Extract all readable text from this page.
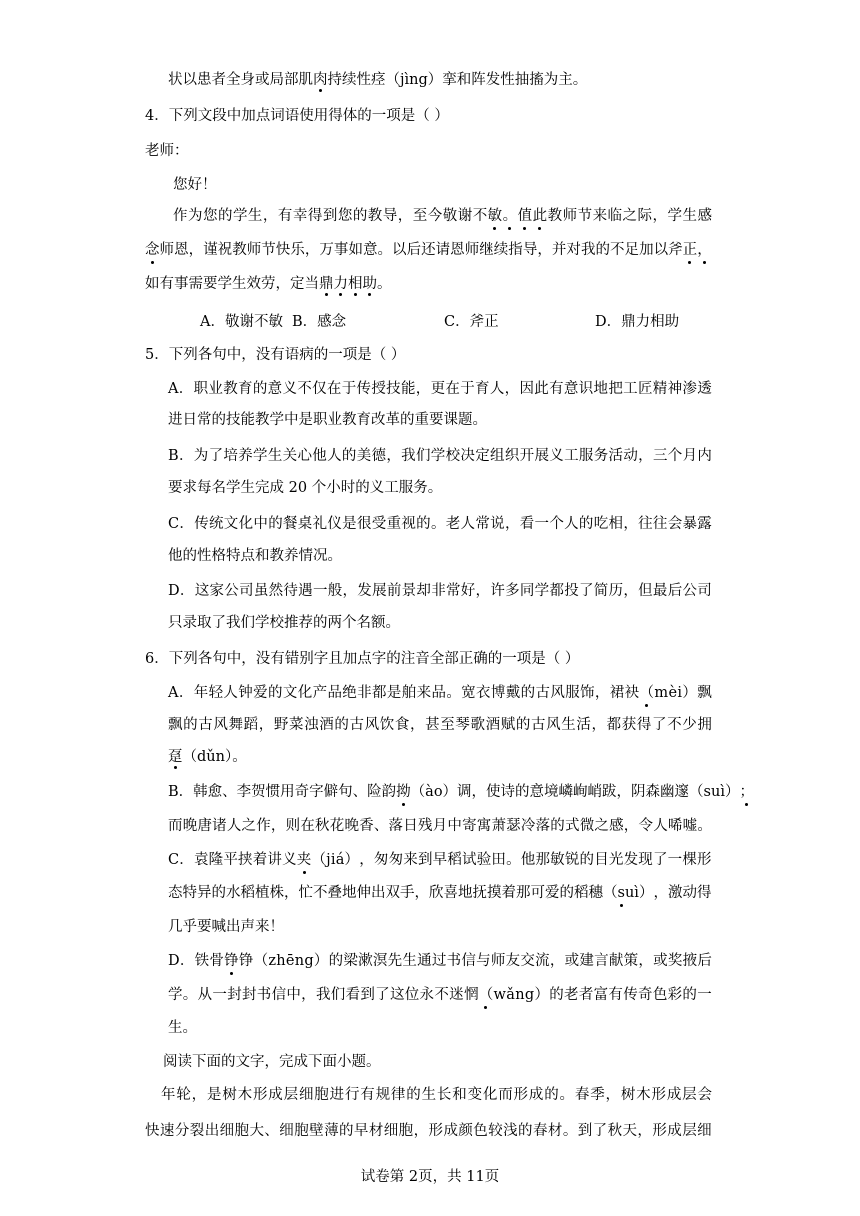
A．敬谢不敏 B．感念	C．斧正	D．鼎力相助
试卷第 2页，共 11页
状以患者全身或局部肌肉持续性痉（jìng）挛和阵发性抽搐为主。
4．下列文段中加点词语使用得体的一项是（ ）
老师：
您好！
作 为 您 的 学 生 ， 有 幸 得 到 您 的 教 导 ， 至 今 敬 谢 不 敏 。 值 此 教 师 节 来 临 之 际 ， 学 生 感
念 师 恩 ， 谨 祝 教 师 节 快 乐 ， 万 事 如 意 。 以 后 还 请 恩 师 继 续 指 导 ， 并 对 我 的 不 足 加 以 斧 正 ，
如有事需要学生效劳，定当鼎力相助。
5．下列各句中，没有语病的一项是（ ）
A ． 职 业 教 育 的 意 义 不 仅 在 于 传 授 技 能 ， 更 在 于 育 人 ， 因 此 有 意 识 地 把 工 匠 精 神 渗 透
进日常的技能教学中是职业教育改革的重要课题。
B ． 为 了 培 养 学 生 关 心 他 人 的 美 德 ， 我 们 学 校 决 定 组 织 开 展 义 工 服 务 活 动 ， 三 个 月 内
要求每名学生完成 20 个小时的义工服务。
C ． 传 统 文 化 中 的 餐 桌 礼 仪 是 很 受 重 视 的 。 老 人 常 说 ， 看 一 个 人 的 吃 相 ， 往 往 会 暴 露
他的性格特点和教养情况。
D ． 这 家 公 司 虽 然 待 遇 一 般 ， 发 展 前 景 却 非 常 好 ， 许 多 同 学 都 投 了 简 历 ， 但 最 后 公 司
只录取了我们学校推荐的两个名额。
6．下列各句中，没有错别字且加点字的注音全部正确的一项是（ ）
A ． 年 轻 人 钟 爱 的 文 化 产 品 绝 非 都 是 舶 来 品 。 宽 衣 博 戴 的 古 风 服 饰 ， 裙 袂 （ m è i ） 飘
飘 的 古 风 舞 蹈 ， 野 菜 浊 酒 的 古 风 饮 食 ， 甚 至 琴 歌 酒 赋 的 古 风 生 活 ， 都 获 得 了 不 少 拥
趸（dǔn）。
B ． 韩 愈 、 李 贺 惯 用 奇 字 僻 句 、 险 韵 拗 （ à o ） 调 ， 使 诗 的 意 境 嶙 峋 峭 跋 ， 阴 森 幽 邃 （ s u ì ） ；
而 晚 唐 诸 人 之 作 ， 则 在 秋 花 晚 香 、 落 日 残 月 中 寄 寓 萧 瑟 冷 落 的 式 微 之 感 ， 令 人 唏 嘘 。
C ． 袁 隆 平 挟 着 讲 义 夹 （ j i á ） ， 匆 匆 来 到 早 稻 试 验 田 。 他 那 敏 锐 的 目 光 发 现 了 一 棵 形
态 特 异 的 水 稻 植 株 ， 忙 不 叠 地 伸 出 双 手 ， 欣 喜 地 抚 摸 着 那 可 爱 的 稻 穗 （ s u ì ） ， 激 动 得
几乎要喊出声来！
D ． 铁 骨 铮 铮 （ z h ē n g ） 的 梁 漱 溟 先 生 通 过 书 信 与 师 友 交 流 ， 或 建 言 献 策 ， 或 奖 掖 后
学 。 从 一 封 封 书 信 中 ， 我 们 看 到 了 这 位 永 不 迷 惘 （ w ǎ n g ） 的 老 者 富 有 传 奇 色 彩 的 一
生。
阅读下面的文字，完成下面小题。
年 轮 ， 是 树 木 形 成 层 细 胞 进 行 有 规 律 的 生 长 和 变 化 而 形 成 的 。 春 季 ， 树 木 形 成 层 会
快 速 分 裂 出 细 胞 大 、 细 胞 壁 薄 的 早 材 细 胞 ， 形 成 颜 色 较 浅 的 春 材 。 到 了 秋 天 ， 形 成 层 细
